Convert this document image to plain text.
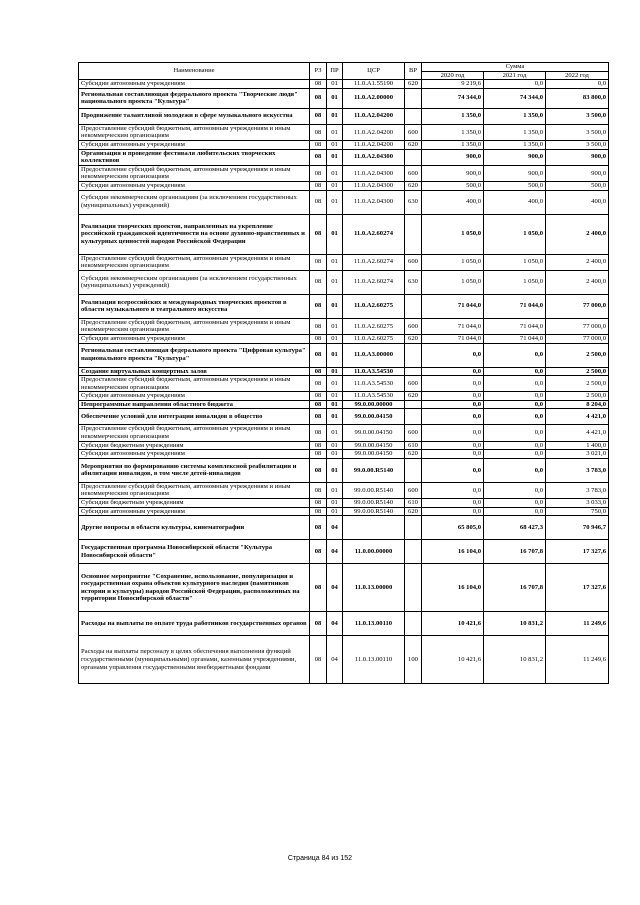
Наименование	РЗ	ПР	ЦСР	ВР	Сумма		
					2020 год	2021 год	2022 год
Субсидии автономным учреждениям	08	01	11.0.А1.55190	620	9 219,6	0,0	0,0
Региональная составляющая федерального проекта "Творческие люди" национального проекта "Культура"	08	01	11.0.А2.00000		74 344,0	74 344,0	83 800,0
Продвижение талантливой молодежи в сфере музыкального искусства	08	01	11.0.А2.04200		1 350,0	1 350,0	3 500,0
Предоставление субсидий бюджетным, автономным учреждениям и иным некоммерческим организациям	08	01	11.0.А2.04200	600	1 350,0	1 350,0	3 500,0
Субсидии автономным учреждениям	08	01	11.0.А2.04200	620	1 350,0	1 350,0	3 500,0
Организация и проведение фестиваля любительских творческих коллективов	08	01	11.0.А2.04300		900,0	900,0	900,0
Предоставление субсидий бюджетным, автономным учреждениям и иным некоммерческим организациям	08	01	11.0.А2.04300	600	900,0	900,0	900,0
Субсидии автономным учреждениям	08	01	11.0.А2.04300	620	500,0	500,0	500,0
Субсидии некоммерческим организациям (за исключением государственных (муниципальных) учреждений)	08	01	11.0.А2.04300	630	400,0	400,0	400,0
Реализация творческих проектов, направленных на укрепление российской гражданской идентичности на основе духовно-нравственных и культурных ценностей народов Российской Федерации	08	01	11.0.А2.60274		1 050,0	1 050,0	2 400,0
Предоставление субсидий бюджетным, автономным учреждениям и иным некоммерческим организациям	08	01	11.0.А2.60274	600	1 050,0	1 050,0	2 400,0
Субсидии некоммерческим организациям (за исключением государственных (муниципальных) учреждений)	08	01	11.0.А2.60274	630	1 050,0	1 050,0	2 400,0
Реализация всероссийских и международных творческих проектов в области музыкального и театрального искусства	08	01	11.0.А2.60275		71 044,0	71 044,0	77 000,0
Предоставление субсидий бюджетным, автономным учреждениям и иным некоммерческим организациям	08	01	11.0.А2.60275	600	71 044,0	71 044,0	77 000,0
Субсидии автономным учреждениям	08	01	11.0.А2.60275	620	71 044,0	71 044,0	77 000,0
Региональная составляющая федерального проекта "Цифровая культура" национального проекта "Культура"	08	01	11.0.А3.00000		0,0	0,0	2 500,0
Создание виртуальных концертных залов	08	01	11.0.А3.54530		0,0	0,0	2 500,0
Предоставление субсидий бюджетным, автономным учреждениям и иным некоммерческим организациям	08	01	11.0.А3.54530	600	0,0	0,0	2 500,0
Субсидии автономным учреждениям	08	01	11.0.А3.54530	620	0,0	0,0	2 500,0
Непрограммные направления областного бюджета	08	01	99.0.00.00000		0,0	0,0	8 204,0
Обеспечение условий для интеграции инвалидов в общество	08	01	99.0.00.04150		0,0	0,0	4 421,0
Предоставление субсидий бюджетным, автономным учреждениям и иным некоммерческим организациям	08	01	99.0.00.04150	600	0,0	0,0	4 421,0
Субсидии бюджетным учреждениям	08	01	99.0.00.04150	610	0,0	0,0	1 400,0
Субсидии автономным учреждениям	08	01	99.0.00.04150	620	0,0	0,0	3 021,0
Мероприятия по формированию системы комплексной реабилитации и абилитации инвалидов, в том числе детей-инвалидов	08	01	99.0.00.R5140		0,0	0,0	3 783,0
Предоставление субсидий бюджетным, автономным учреждениям и иным некоммерческим организациям	08	01	99.0.00.R5140	600	0,0	0,0	3 783,0
Субсидии бюджетным учреждениям	08	01	99.0.00.R5140	610	0,0	0,0	3 033,0
Субсидии автономным учреждениям	08	01	99.0.00.R5140	620	0,0	0,0	750,0
Другие вопросы в области культуры, кинематографии	08	04			65 805,0	68 427,3	70 946,7
Государственная программа Новосибирской области "Культура Новосибирской области"	08	04	11.0.00.00000		16 104,0	16 707,8	17 327,6
Основное мероприятие "Сохранение, использование, популяризация и государственная охрана объектов культурного наследия (памятников истории и культуры) народов Российской Федерации, расположенных на территории Новосибирской области"	08	04	11.0.13.00000		16 104,0	16 707,8	17 327,6
Расходы на выплаты по оплате труда работников государственных органов	08	04	11.0.13.00110		10 421,6	10 831,2	11 249,6
Расходы на выплаты персоналу в целях обеспечения выполнения функций государственными (муниципальными) органами, казенными учреждениями, органами управления государственными внебюджетными фондами	08	04	11.0.13.00110	100	10 421,6	10 831,2	11 249,6
Страница 84 из 152
